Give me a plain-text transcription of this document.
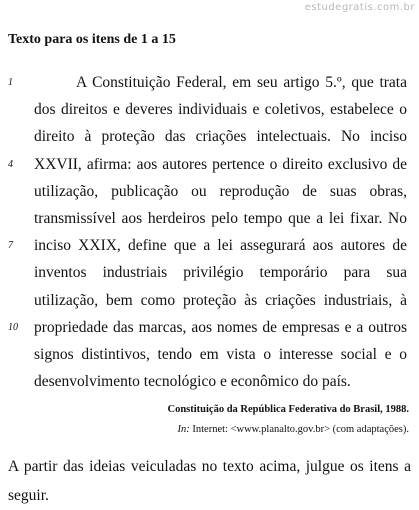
estudegratis.com.br
Texto para os itens de 1 a 15
1	A Constituição Federal, em seu artigo 5.º, que trata
dos direitos e deveres individuais e coletivos, estabelece o
direito à proteção das criações intelectuais. No inciso
4	XXVII, afirma: aos autores pertence o direito exclusivo de
utilização, publicação ou reprodução de suas obras,
transmissível aos herdeiros pelo tempo que a lei fixar. No
7	inciso XXIX, define que a lei assegurará aos autores de
inventos industriais privilégio temporário para sua
utilização, bem como proteção às criações industriais, à
10 propriedade das marcas, aos nomes de empresas e a outros
signos distintivos, tendo em vista o interesse social e o
desenvolvimento tecnológico e econômico do país.
Constituição da República Federativa do Brasil, 1988.
In: Internet: <www.planalto.gov.br> (com adaptações).
A partir das ideias veiculadas no texto acima, julgue os itens a
seguir.
